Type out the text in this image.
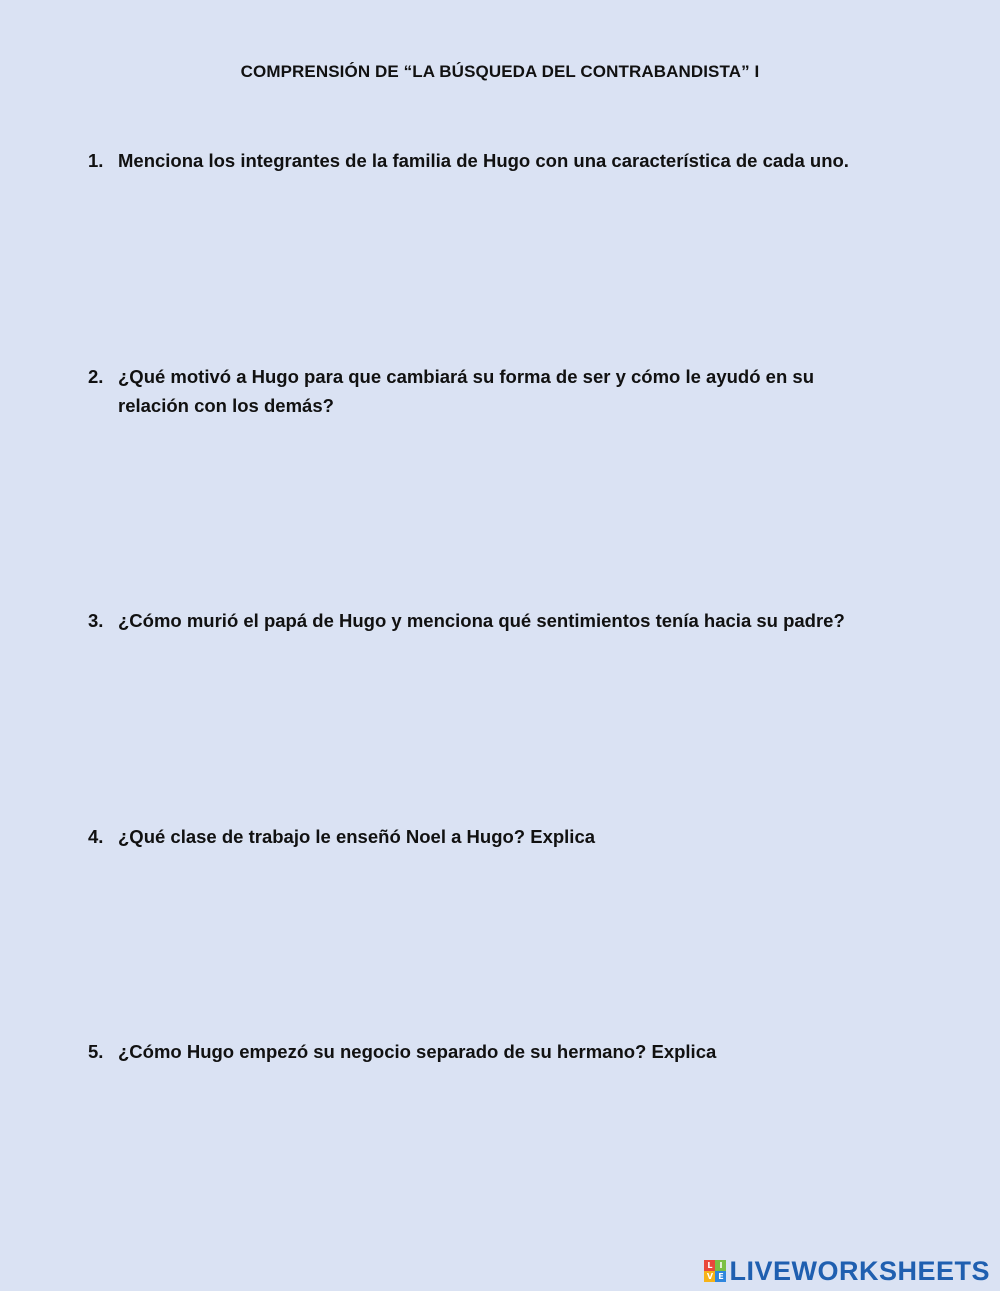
COMPRENSIÓN DE “LA BÚSQUEDA DEL CONTRABANDISTA” I
1. Menciona los integrantes de la familia de Hugo con una característica de cada uno.
2. ¿Qué motivó a Hugo para que cambiará su forma de ser y cómo le ayudó en su relación con los demás?
3. ¿Cómo murió el papá de Hugo y menciona qué sentimientos tenía hacia su padre?
4. ¿Qué clase de trabajo le enseñó Noel a Hugo? Explica
5. ¿Cómo Hugo empezó su negocio separado de su hermano? Explica
L I
V E LIVEWORKSHEETS
